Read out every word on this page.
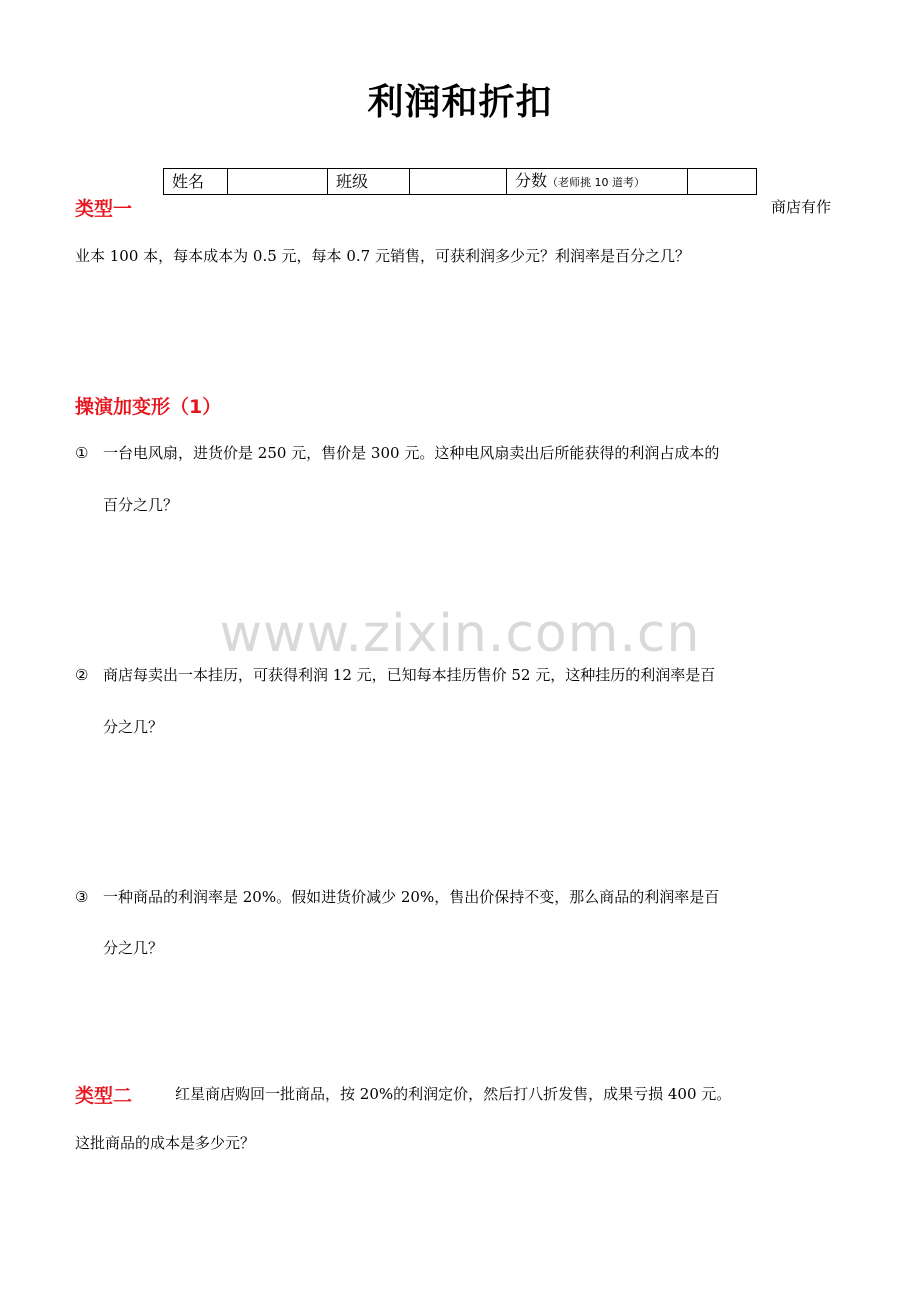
利润和折扣
姓名		班级		分数（老师挑 10 道考）	
类型一	商店有作
业本 100 本，每本成本为 0.5 元，每本 0.7 元销售，可获利润多少元？利润率是百分之几？
操演加变形（1）
① 一台电风扇，进货价是 250 元，售价是 300 元。这种电风扇卖出后所能获得的利润占成本的
百分之几？
www.zixin.com.cn
② 商店每卖出一本挂历，可获得利润 12 元，已知每本挂历售价 52 元，这种挂历的利润率是百
分之几？
③ 一种商品的利润率是 20%。假如进货价减少 20%，售出价保持不变，那么商品的利润率是百
分之几？
类型二	红星商店购回一批商品，按 20%的利润定价，然后打八折发售，成果亏损 400 元。
这批商品的成本是多少元？
